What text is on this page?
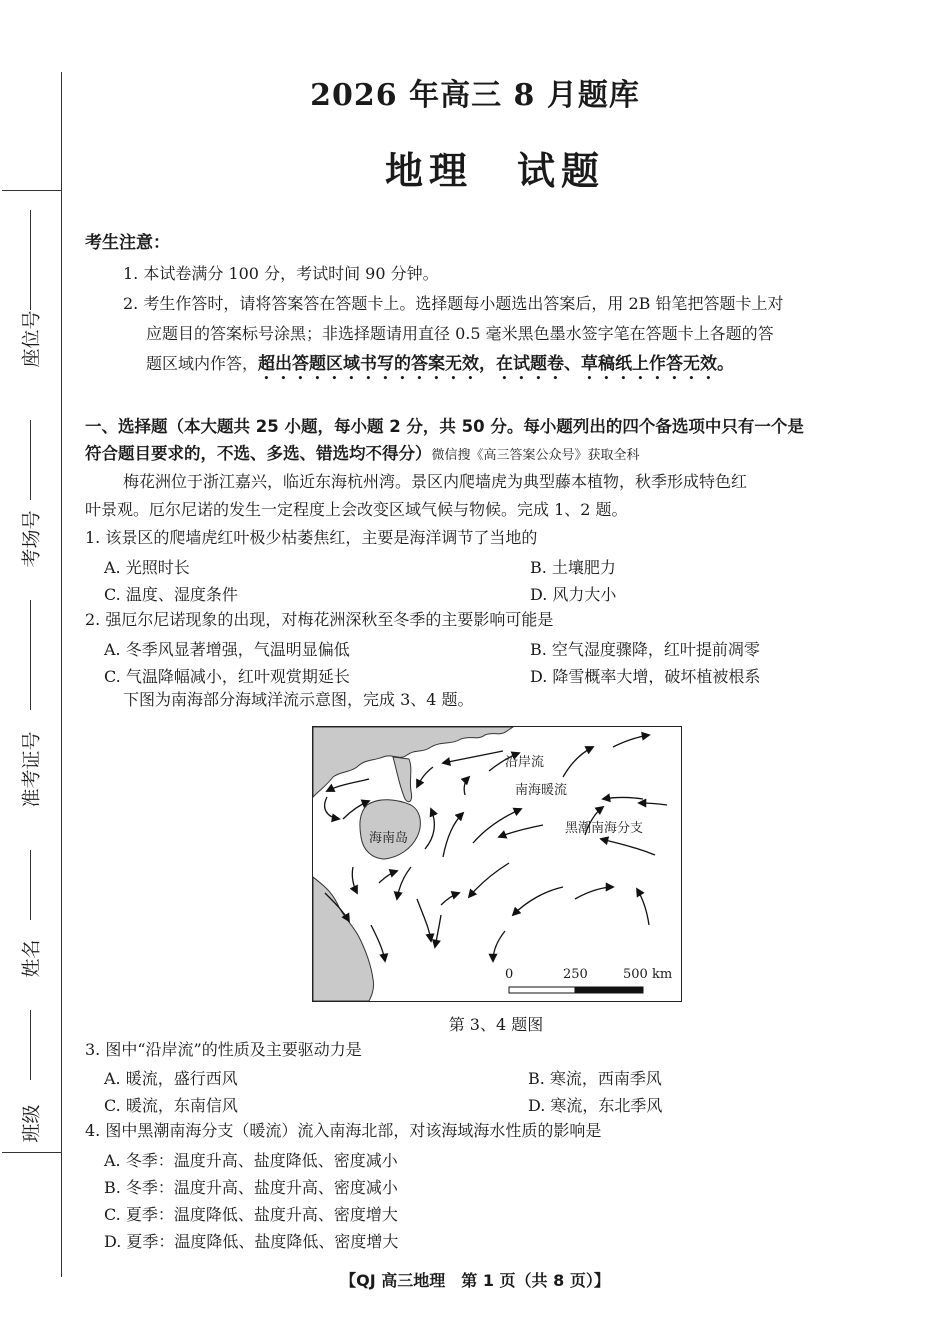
座位号
考场号
准考证号
姓名
班级
2026 年高三 8 月题库
地理　试题
考生注意：
1. 本试卷满分 100 分，考试时间 90 分钟。
2. 考生作答时，请将答案答在答题卡上。选择题每小题选出答案后，用 2B 铅笔把答题卡上对
应题目的答案标号涂黑；非选择题请用直径 0.5 毫米黑色墨水签字笔在答题卡上各题的答
题区域内作答，超出答题区域书写的答案无效，在试题卷、草稿纸上作答无效。
一、选择题（本大题共 25 小题，每小题 2 分，共 50 分。每小题列出的四个备选项中只有一个是
符合题目要求的，不选、多选、错选均不得分）微信搜《高三答案公众号》获取全科
梅花洲位于浙江嘉兴，临近东海杭州湾。景区内爬墙虎为典型藤本植物，秋季形成特色红
叶景观。厄尔尼诺的发生一定程度上会改变区域气候与物候。完成 1、2 题。
1. 该景区的爬墙虎红叶极少枯萎焦红，主要是海洋调节了当地的
A. 光照时长	B. 土壤肥力
C. 温度、湿度条件	D. 风力大小
2. 强厄尔尼诺现象的出现，对梅花洲深秋至冬季的主要影响可能是
A. 冬季风显著增强，气温明显偏低	B. 空气湿度骤降，红叶提前凋零
C. 气温降幅减小，红叶观赏期延长	D. 降雪概率大增，破坏植被根系
下图为南海部分海域洋流示意图，完成 3、4 题。
沿岸流
南海暖流
黑潮南海分支
海南岛
0	250	500 km
第 3、4 题图
3. 图中“沿岸流”的性质及主要驱动力是
A. 暖流，盛行西风	B. 寒流，西南季风
C. 暖流，东南信风	D. 寒流，东北季风
4. 图中黑潮南海分支（暖流）流入南海北部，对该海域海水性质的影响是
A. 冬季：温度升高、盐度降低、密度减小
B. 冬季：温度升高、盐度升高、密度减小
C. 夏季：温度降低、盐度升高、密度增大
D. 夏季：温度降低、盐度降低、密度增大
【QJ 高三地理　第 1 页（共 8 页）】
